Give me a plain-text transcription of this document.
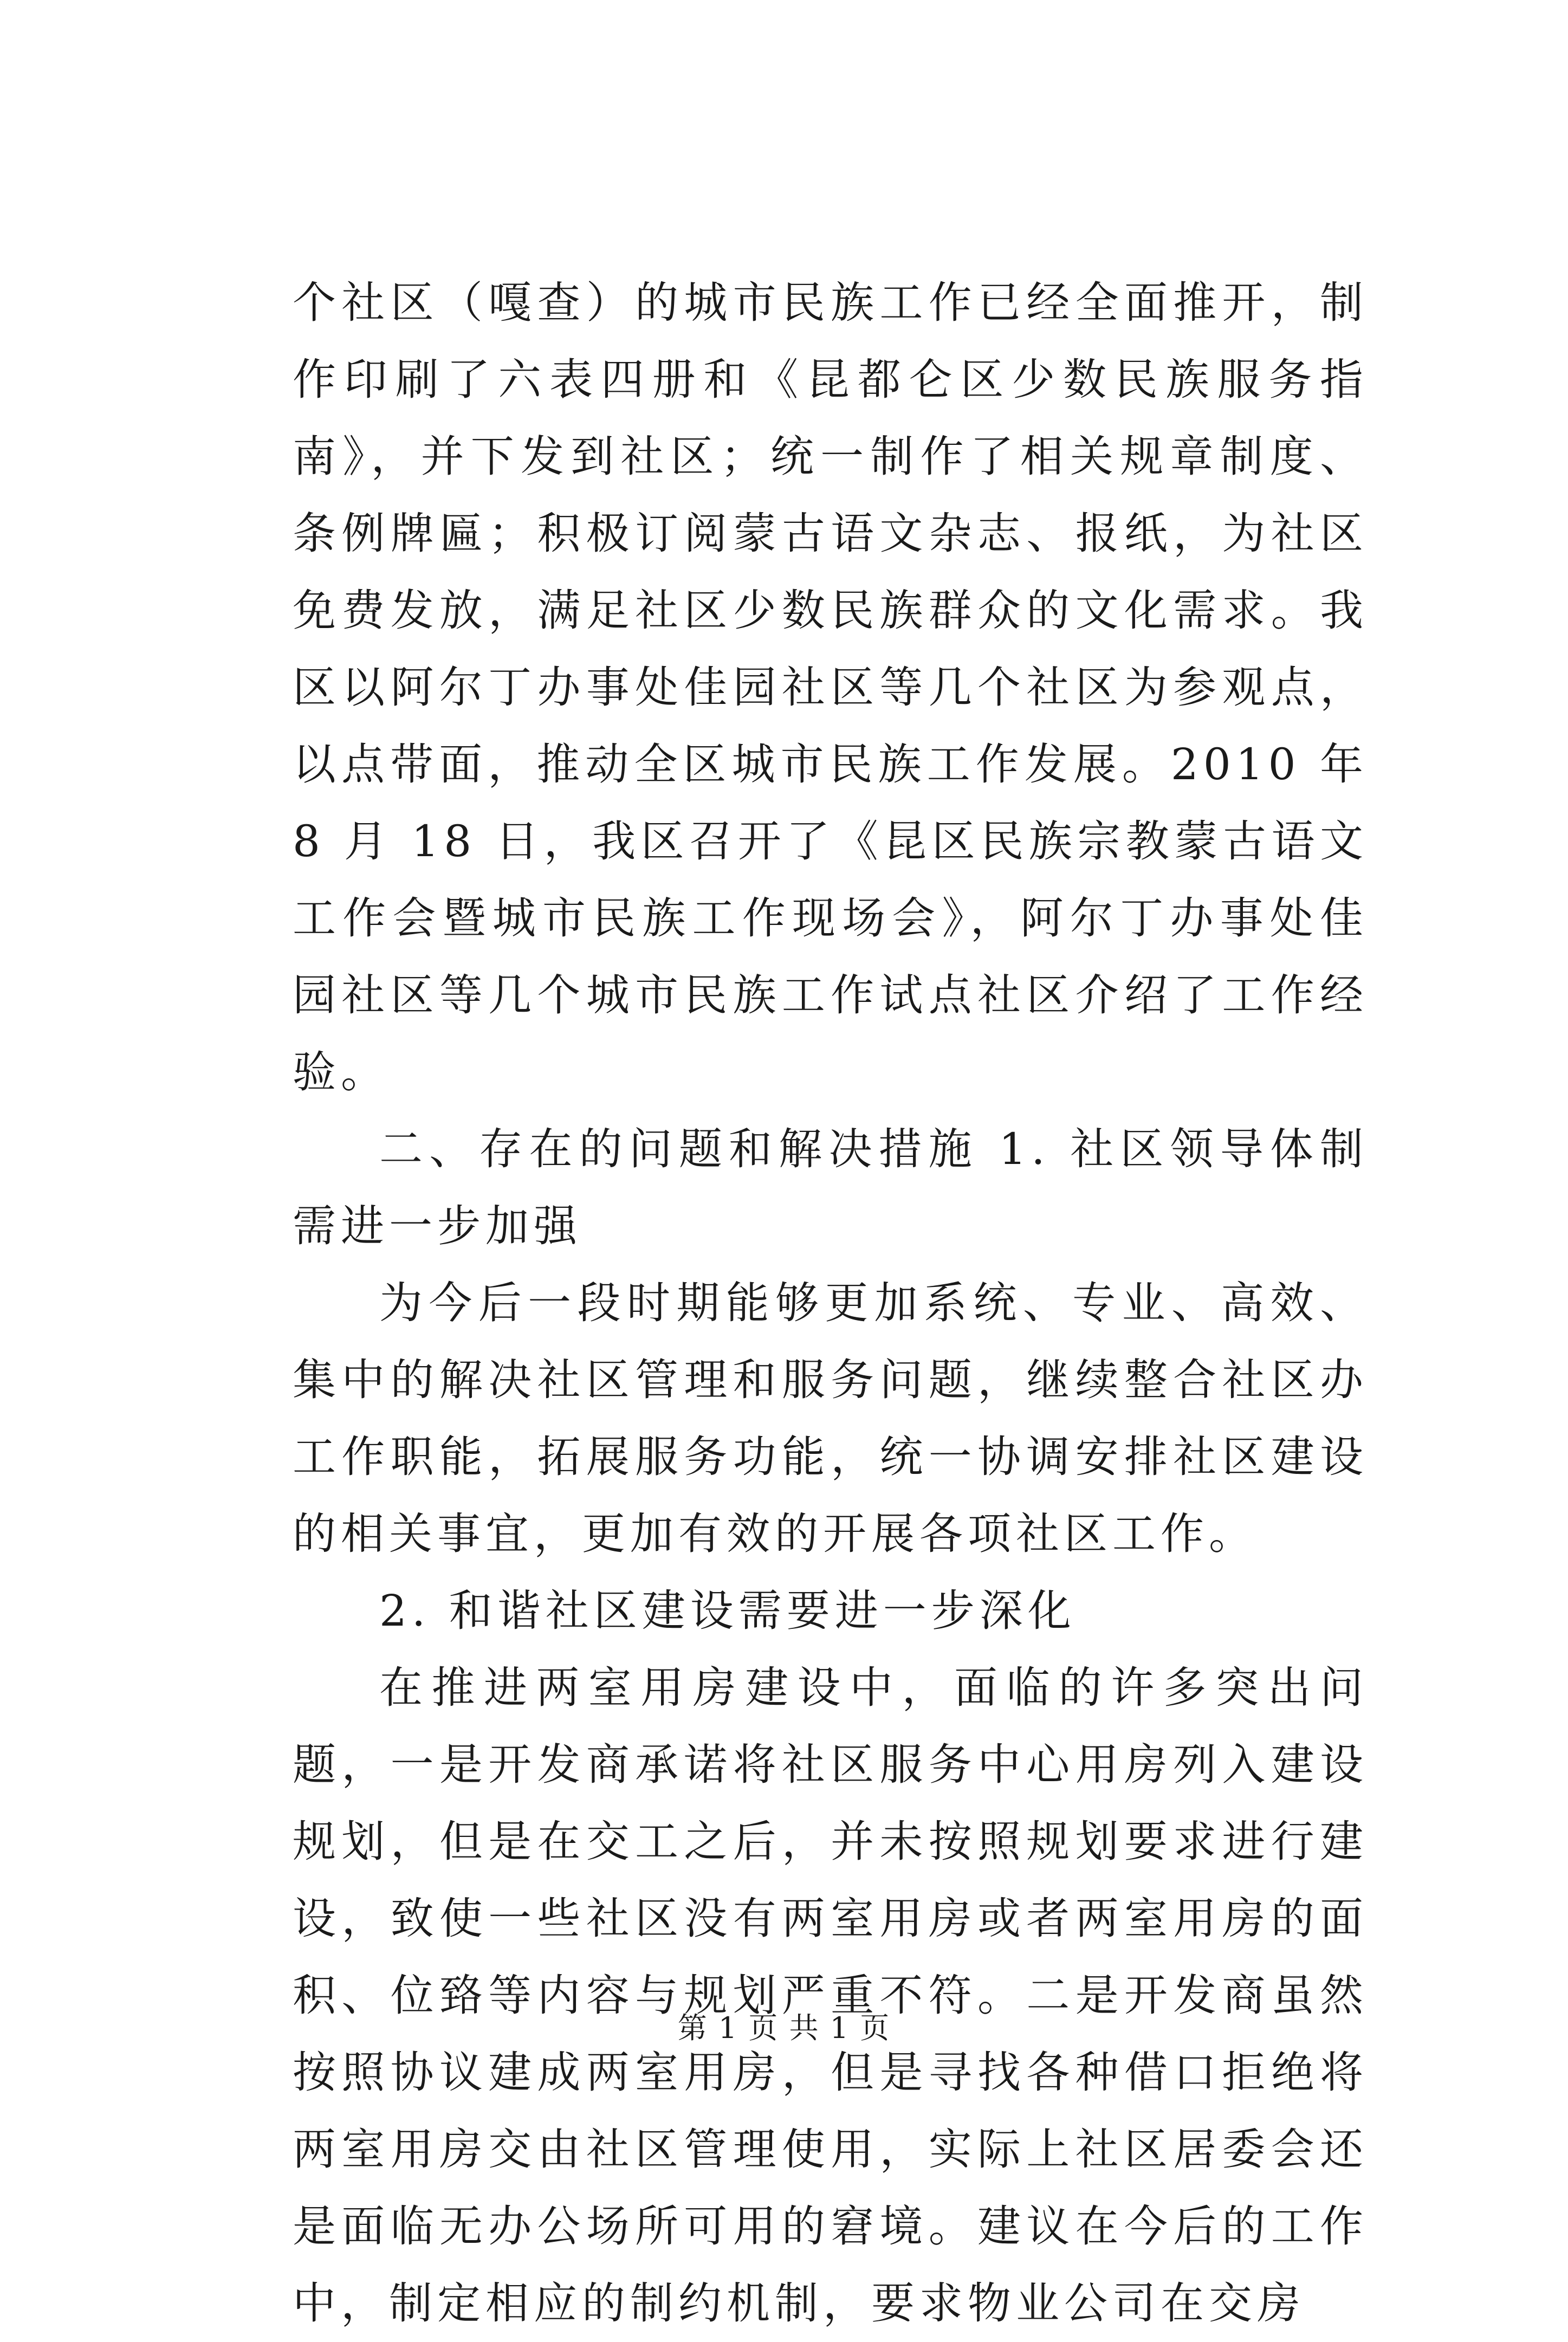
个社区（嘎查）的城市民族工作已经全面推开，制作印刷了六表四册和《昆都仑区少数民族服务指南》，并下发到社区；统一制作了相关规章制度、条例牌匾；积极订阅蒙古语文杂志、报纸，为社区免费发放，满足社区少数民族群众的文化需求。我区以阿尔丁办事处佳园社区等几个社区为参观点，以点带面，推动全区城市民族工作发展。2010 年 8 月 18 日，我区召开了《昆区民族宗教蒙古语文工作会暨城市民族工作现场会》，阿尔丁办事处佳园社区等几个城市民族工作试点社区介绍了工作经验。

二、存在的问题和解决措施 1. 社区领导体制需进一步加强

为今后一段时期能够更加系统、专业、高效、集中的解决社区管理和服务问题，继续整合社区办工作职能，拓展服务功能，统一协调安排社区建设的相关事宜，更加有效的开展各项社区工作。

2. 和谐社区建设需要进一步深化

在推进两室用房建设中，面临的许多突出问题，一是开发商承诺将社区服务中心用房列入建设规划，但是在交工之后，并未按照规划要求进行建设，致使一些社区没有两室用房或者两室用房的面积、位臵等内容与规划严重不符。二是开发商虽然按照协议建成两室用房，但是寻找各种借口拒绝将两室用房交由社区管理使用，实际上社区居委会还是面临无办公场所可用的窘境。建议在今后的工作中，制定相应的制约机制，要求物业公司在交房

第 1 页 共 1 页
